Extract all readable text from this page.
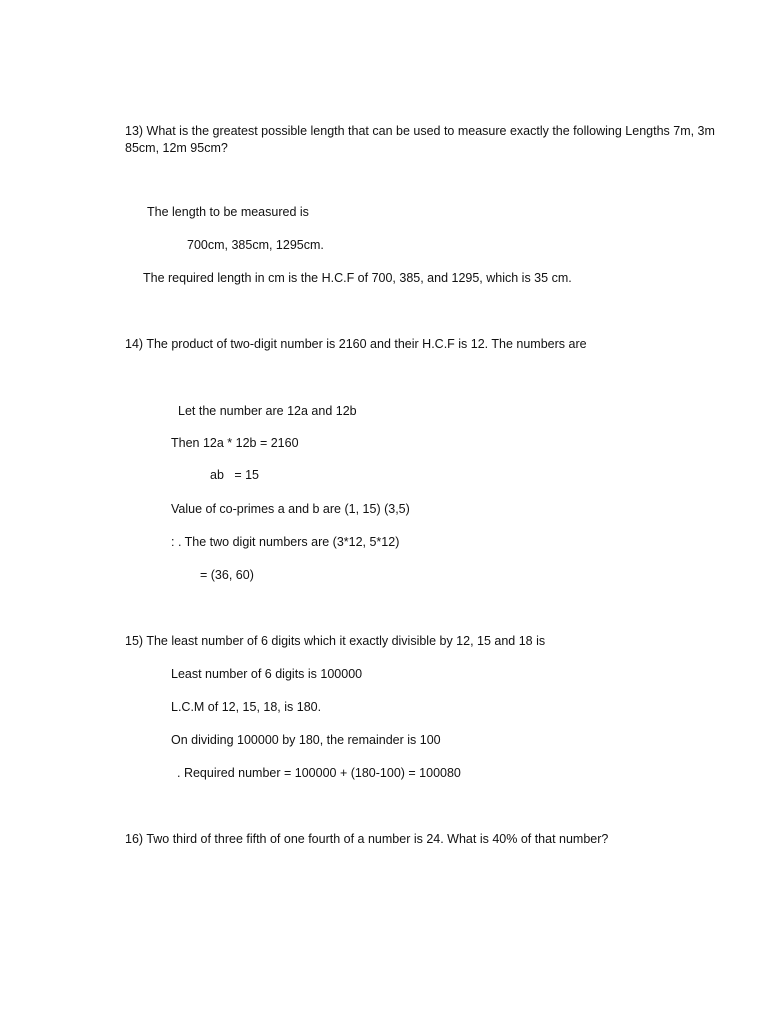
13) What is the greatest possible length that can be used to measure exactly the following Lengths 7m, 3m 85cm, 12m 95cm?
The length to be measured is
700cm, 385cm, 1295cm.
The required length in cm is the H.C.F of 700, 385, and 1295, which is 35 cm.
14) The product of two-digit number is 2160 and their H.C.F is 12. The numbers are
Let the number are 12a and 12b
Then 12a * 12b = 2160
ab   = 15
Value of co-primes a and b are (1, 15) (3,5)
: . The two digit numbers are (3*12, 5*12)
= (36, 60)
15) The least number of 6 digits which it exactly divisible by 12, 15 and 18 is
Least number of 6 digits is 100000
L.C.M of 12, 15, 18, is 180.
On dividing 100000 by 180, the remainder is 100
. Required number = 100000 + (180-100) = 100080
16) Two third of three fifth of one fourth of a number is 24. What is 40% of that number?
